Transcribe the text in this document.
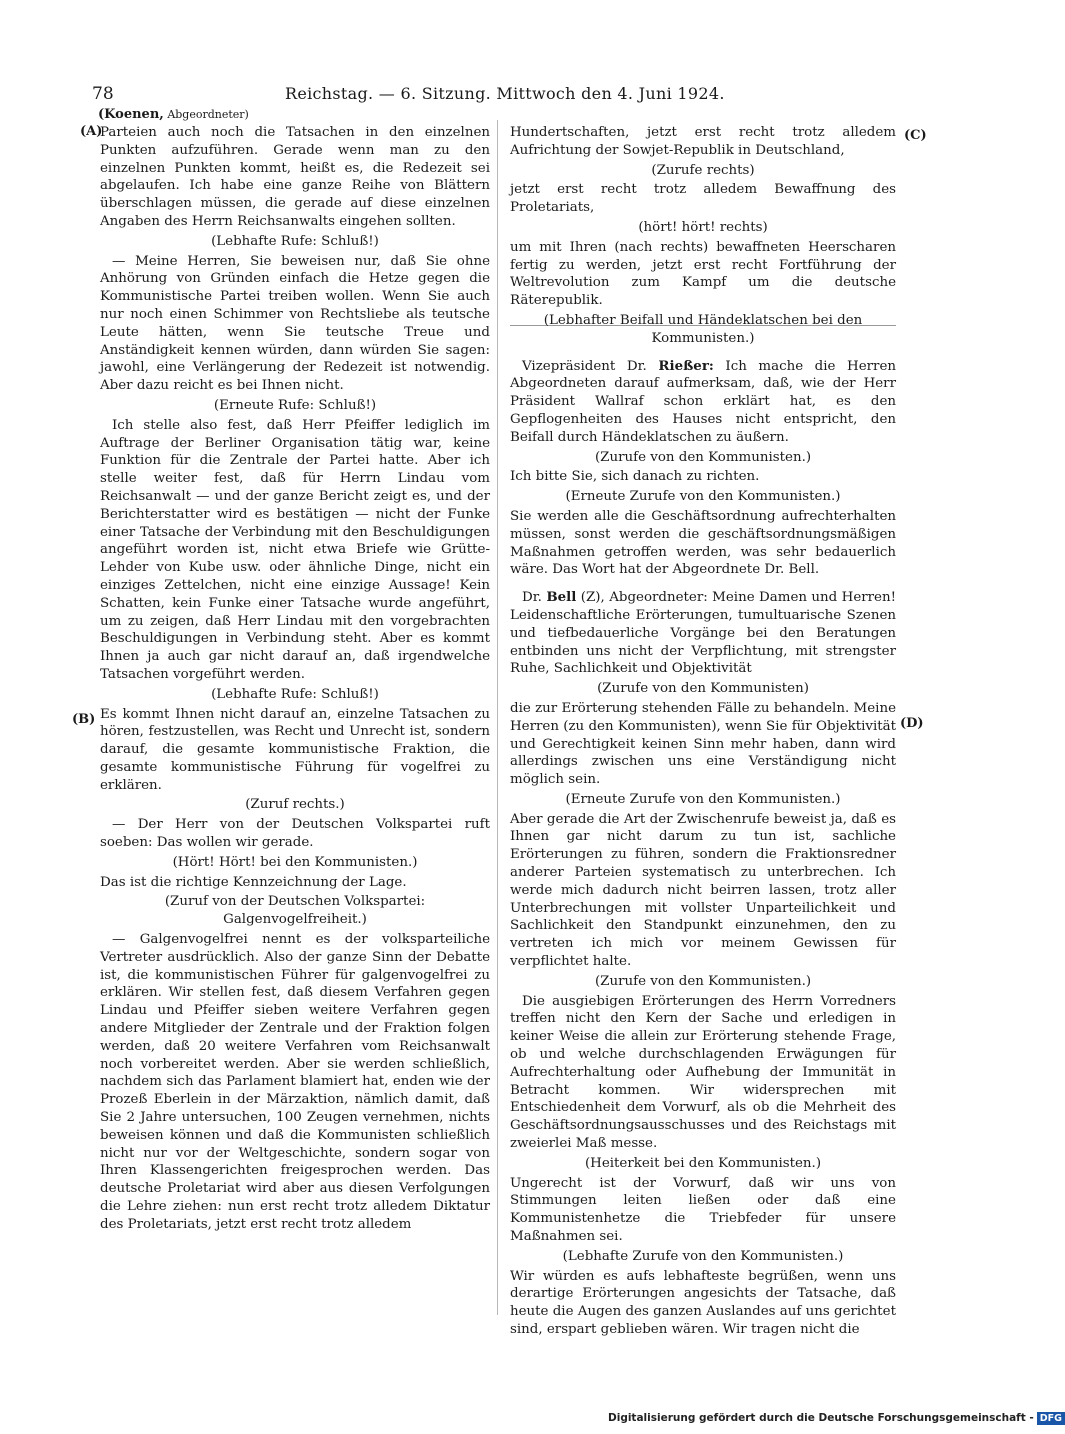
78	Reichstag. — 6. Sitzung. Mittwoch den 4. Juni 1924.
(Koenen, Abgeordneter)
(A)
(B)
(C)
(D)

Parteien auch noch die Tatsachen in den einzelnen Punkten aufzuführen. Gerade wenn man zu den einzelnen Punkten kommt, heißt es, die Redezeit sei abgelaufen. Ich habe eine ganze Reihe von Blättern überschlagen müssen, die gerade auf diese einzelnen Angaben des Herrn Reichsanwalts eingehen sollten.

(Lebhafte Rufe: Schluß!)

— Meine Herren, Sie beweisen nur, daß Sie ohne Anhörung von Gründen einfach die Hetze gegen die Kommunistische Partei treiben wollen. Wenn Sie auch nur noch einen Schimmer von Rechtsliebe als teutsche Leute hätten, wenn Sie teutsche Treue und Anständigkeit kennen würden, dann würden Sie sagen: jawohl, eine Verlängerung der Redezeit ist notwendig. Aber dazu reicht es bei Ihnen nicht.

(Erneute Rufe: Schluß!)

Ich stelle also fest, daß Herr Pfeiffer lediglich im Auftrage der Berliner Organisation tätig war, keine Funktion für die Zentrale der Partei hatte. Aber ich stelle weiter fest, daß für Herrn Lindau vom Reichsanwalt — und der ganze Bericht zeigt es, und der Berichterstatter wird es bestätigen — nicht der Funke einer Tatsache der Verbindung mit den Beschuldigungen angeführt worden ist, nicht etwa Briefe wie Grütte-Lehder von Kube usw. oder ähnliche Dinge, nicht ein einziges Zettelchen, nicht eine einzige Aussage! Kein Schatten, kein Funke einer Tatsache wurde angeführt, um zu zeigen, daß Herr Lindau mit den vorgebrachten Beschuldigungen in Verbindung steht. Aber es kommt Ihnen ja auch gar nicht darauf an, daß irgendwelche Tatsachen vorgeführt werden.

(Lebhafte Rufe: Schluß!)

Es kommt Ihnen nicht darauf an, einzelne Tatsachen zu hören, festzustellen, was Recht und Unrecht ist, sondern darauf, die gesamte kommunistische Fraktion, die gesamte kommunistische Führung für vogelfrei zu erklären.

(Zuruf rechts.)

— Der Herr von der Deutschen Volkspartei ruft soeben: Das wollen wir gerade.

(Hört! Hört! bei den Kommunisten.)

Das ist die richtige Kennzeichnung der Lage.

(Zuruf von der Deutschen Volkspartei: Galgenvogelfreiheit.)

— Galgenvogelfrei nennt es der volksparteiliche Vertreter ausdrücklich. Also der ganze Sinn der Debatte ist, die kommunistischen Führer für galgenvogelfrei zu erklären. Wir stellen fest, daß diesem Verfahren gegen Lindau und Pfeiffer sieben weitere Verfahren gegen andere Mitglieder der Zentrale und der Fraktion folgen werden, daß 20 weitere Verfahren vom Reichsanwalt noch vorbereitet werden. Aber sie werden schließlich, nachdem sich das Parlament blamiert hat, enden wie der Prozeß Eberlein in der Märzaktion, nämlich damit, daß Sie 2 Jahre untersuchen, 100 Zeugen vernehmen, nichts beweisen können und daß die Kommunisten schließlich nicht nur vor der Weltgeschichte, sondern sogar von Ihren Klassengerichten freigesprochen werden. Das deutsche Proletariat wird aber aus diesen Verfolgungen die Lehre ziehen: nun erst recht trotz alledem Diktatur des Proletariats, jetzt erst recht trotz alledem

Hundertschaften, jetzt erst recht trotz alledem Aufrichtung der Sowjet-Republik in Deutschland,

(Zurufe rechts)

jetzt erst recht trotz alledem Bewaffnung des Proletariats,

(hört! hört! rechts)

um mit Ihren (nach rechts) bewaffneten Heerscharen fertig zu werden, jetzt erst recht Fortführung der Weltrevolution zum Kampf um die deutsche Räterepublik.

(Lebhafter Beifall und Händeklatschen bei den Kommunisten.)

Vizepräsident Dr. Rießer: Ich mache die Herren Abgeordneten darauf aufmerksam, daß, wie der Herr Präsident Wallraf schon erklärt hat, es den Gepflogenheiten des Hauses nicht entspricht, den Beifall durch Händeklatschen zu äußern.

(Zurufe von den Kommunisten.)

Ich bitte Sie, sich danach zu richten.

(Erneute Zurufe von den Kommunisten.)

Sie werden alle die Geschäftsordnung aufrechterhalten müssen, sonst werden die geschäftsordnungsmäßigen Maßnahmen getroffen werden, was sehr bedauerlich wäre. Das Wort hat der Abgeordnete Dr. Bell.

Dr. Bell (Z), Abgeordneter: Meine Damen und Herren! Leidenschaftliche Erörterungen, tumultuarische Szenen und tiefbedauerliche Vorgänge bei den Beratungen entbinden uns nicht der Verpflichtung, mit strengster Ruhe, Sachlichkeit und Objektivität

(Zurufe von den Kommunisten)

die zur Erörterung stehenden Fälle zu behandeln. Meine Herren (zu den Kommunisten), wenn Sie für Objektivität und Gerechtigkeit keinen Sinn mehr haben, dann wird allerdings zwischen uns eine Verständigung nicht möglich sein.

(Erneute Zurufe von den Kommunisten.)

Aber gerade die Art der Zwischenrufe beweist ja, daß es Ihnen gar nicht darum zu tun ist, sachliche Erörterungen zu führen, sondern die Fraktionsredner anderer Parteien systematisch zu unterbrechen. Ich werde mich dadurch nicht beirren lassen, trotz aller Unterbrechungen mit vollster Unparteilichkeit und Sachlichkeit den Standpunkt einzunehmen, den zu vertreten ich mich vor meinem Gewissen für verpflichtet halte.

(Zurufe von den Kommunisten.)

Die ausgiebigen Erörterungen des Herrn Vorredners treffen nicht den Kern der Sache und erledigen in keiner Weise die allein zur Erörterung stehende Frage, ob und welche durchschlagenden Erwägungen für Aufrechterhaltung oder Aufhebung der Immunität in Betracht kommen. Wir widersprechen mit Entschiedenheit dem Vorwurf, als ob die Mehrheit des Geschäftsordnungsausschusses und des Reichstags mit zweierlei Maß messe.

(Heiterkeit bei den Kommunisten.)

Ungerecht ist der Vorwurf, daß wir uns von Stimmungen leiten ließen oder daß eine Kommunistenhetze die Triebfeder für unsere Maßnahmen sei.

(Lebhafte Zurufe von den Kommunisten.)

Wir würden es aufs lebhafteste begrüßen, wenn uns derartige Erörterungen angesichts der Tatsache, daß heute die Augen des ganzen Auslandes auf uns gerichtet sind, erspart geblieben wären. Wir tragen nicht die

Digitalisierung gefördert durch die Deutsche Forschungsgemeinschaft - DFG
